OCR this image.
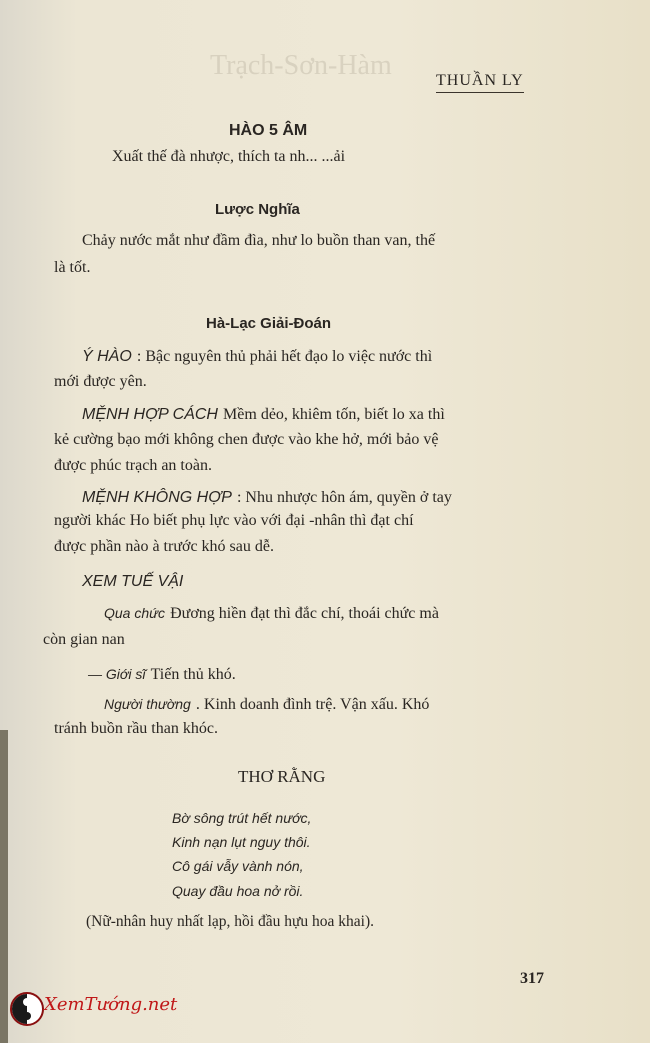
Trạch-Sơn-Hàm	THUẦN LY
HÀO 5 ÂM
Xuất thế đà nhược, thích ta nh... ...ải
Lược Nghĩa
Chảy nước mắt như đầm đìa, như lo buồn than van, thế
là tốt.
Hà-Lạc Giải-Đoán
Ý HÀO : Bậc nguyên thủ phải hết đạo lo việc nước thì
mới được yên.
MỆNH HỢP CÁCH Mềm dẻo, khiêm tốn, biết lo xa thì
kẻ cường bạo mới không chen được vào khe hở, mới bảo vệ
được phúc trạch an toàn.
MỆNH KHÔNG HỢP : Nhu nhược hôn ám, quyền ở tay
người khác Ho biết phụ lực vào với đại -nhân thì đạt chí
được phần nào à trước khó sau dễ.
XEM TUẾ VẬI
Qua chức Đương hiền đạt thì đắc chí, thoái chức mà
còn gian nan
— Giới sĩ Tiến thủ khó.
Người thường . Kinh doanh đình trệ. Vận xấu. Khó
tránh buồn rầu than khóc.
THƠ RẰNG
Bờ sông trút hết nước,
Kinh nạn lụt nguy thôi.
Cô gái vẫy vành nón,
Quay đầu hoa nở rồi.
(Nữ-nhân huy nhất lạp, hồi đầu hựu hoa khai).
317
XemTướng.net
